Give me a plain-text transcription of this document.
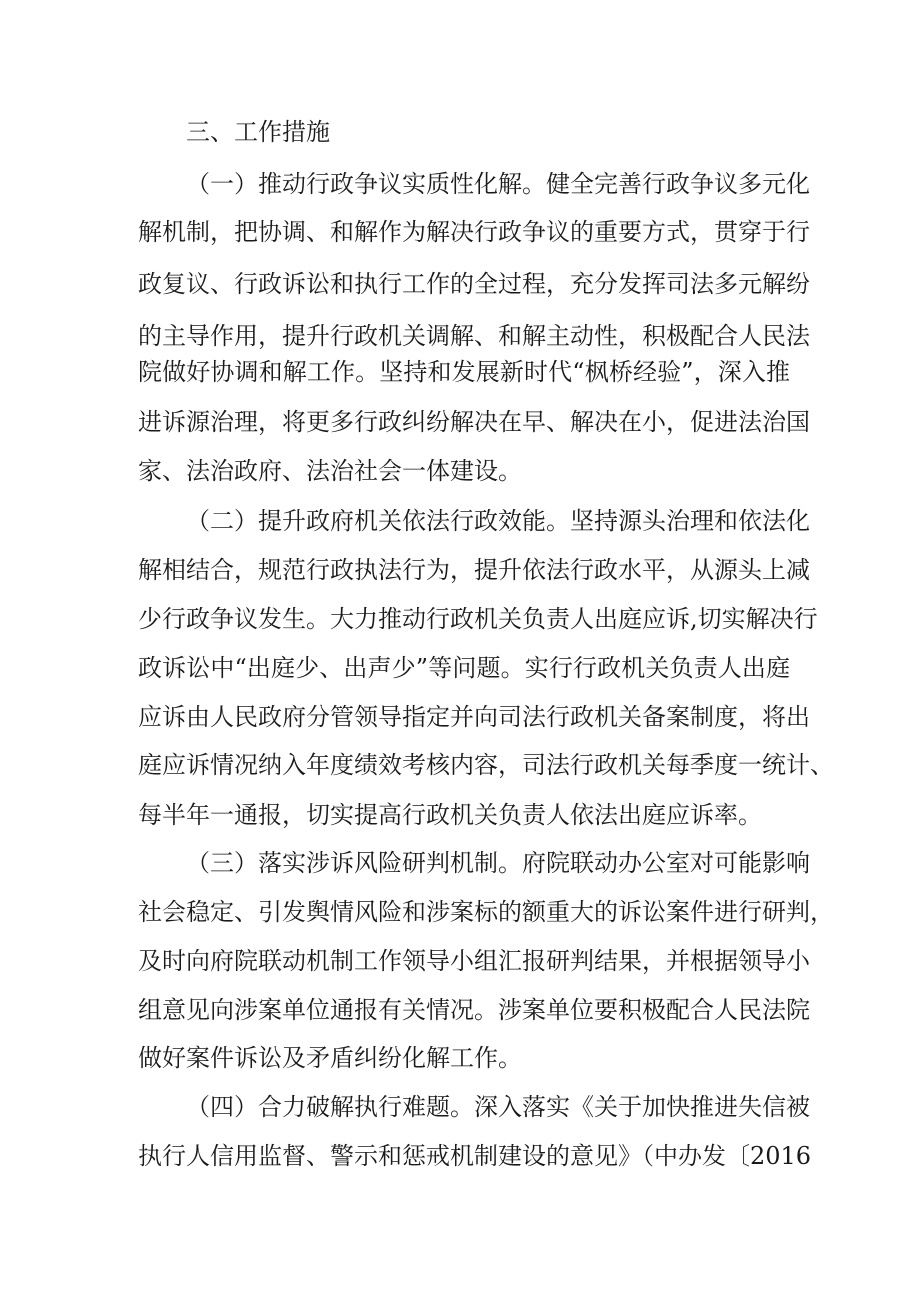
三、工作措施

（一）推动行政争议实质性化解。健全完善行政争议多元化

解机制，把协调、和解作为解决行政争议的重要方式，贯穿于行

政复议、行政诉讼和执行工作的全过程，充分发挥司法多元解纷

的主导作用，提升行政机关调解、和解主动性，积极配合人民法

院做好协调和解工作。坚持和发展新时代“枫桥经验”，深入推

进诉源治理，将更多行政纠纷解决在早、解决在小，促进法治国

家、法治政府、法治社会一体建设。

（二）提升政府机关依法行政效能。坚持源头治理和依法化

解相结合，规范行政执法行为，提升依法行政水平，从源头上减

少行政争议发生。大力推动行政机关负责人出庭应诉,切实解决行

政诉讼中“出庭少、出声少”等问题。实行行政机关负责人出庭

应诉由人民政府分管领导指定并向司法行政机关备案制度，将出

庭应诉情况纳入年度绩效考核内容，司法行政机关每季度一统计、

每半年一通报，切实提高行政机关负责人依法出庭应诉率。

（三）落实涉诉风险研判机制。府院联动办公室对可能影响

社会稳定、引发舆情风险和涉案标的额重大的诉讼案件进行研判，

及时向府院联动机制工作领导小组汇报研判结果，并根据领导小

组意见向涉案单位通报有关情况。涉案单位要积极配合人民法院

做好案件诉讼及矛盾纠纷化解工作。

（四）合力破解执行难题。深入落实《关于加快推进失信被

执行人信用监督、警示和惩戒机制建设的意见》（中办发〔2016
